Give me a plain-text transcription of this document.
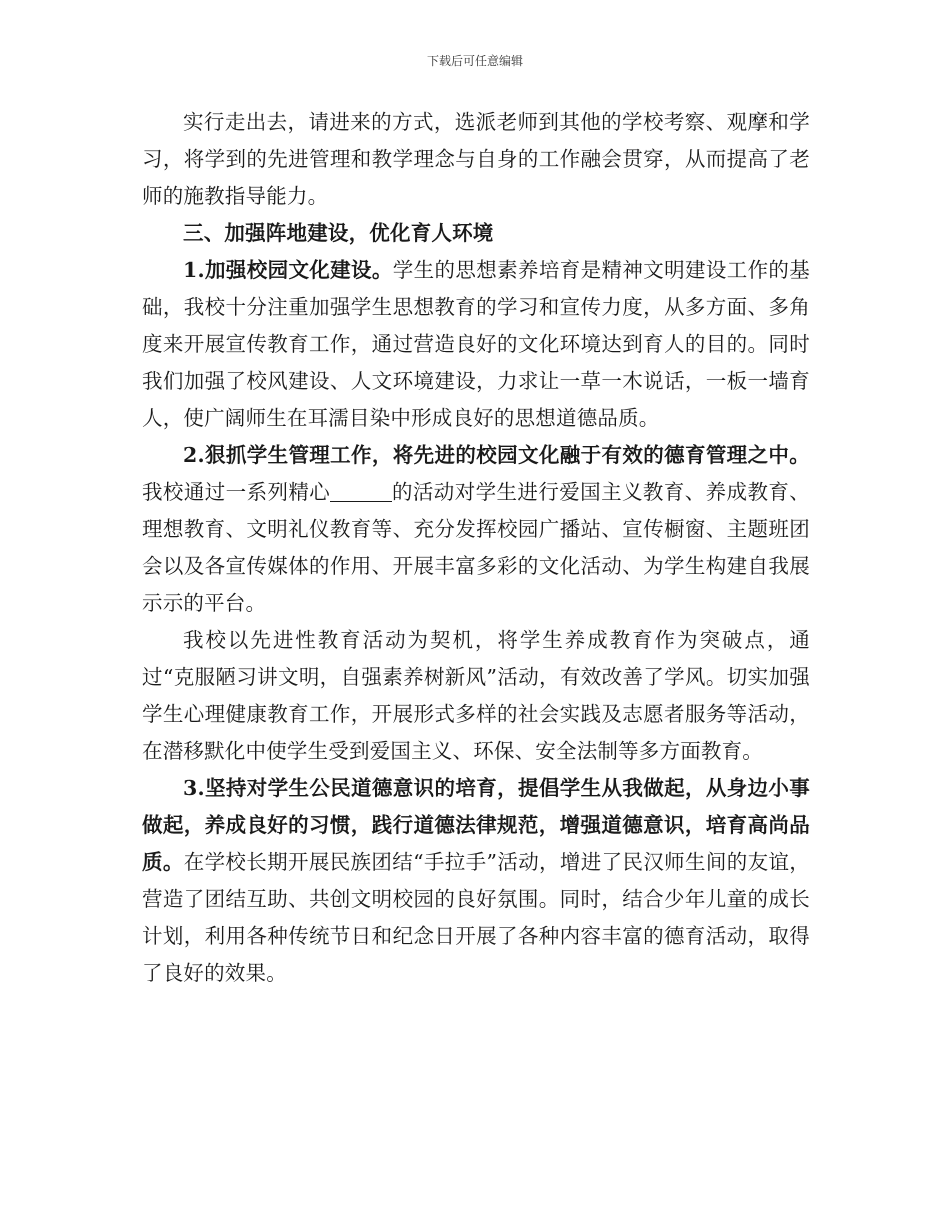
下载后可任意编辑

实行走出去，请进来的方式，选派老师到其他的学校考察、观摩和学习，将学到的先进管理和教学理念与自身的工作融会贯穿，从而提高了老师的施教指导能力。

三、加强阵地建设，优化育人环境

1.加强校园文化建设。学生的思想素养培育是精神文明建设工作的基础，我校十分注重加强学生思想教育的学习和宣传力度，从多方面、多角度来开展宣传教育工作，通过营造良好的文化环境达到育人的目的。同时我们加强了校风建设、人文环境建设，力求让一草一木说话，一板一墙育人，使广阔师生在耳濡目染中形成良好的思想道德品质。

2.狠抓学生管理工作，将先进的校园文化融于有效的德育管理之中。我校通过一系列精心	的活动对学生进行爱国主义教育、养成教育、理想教育、文明礼仪教育等、充分发挥校园广播站、宣传橱窗、主题班团会以及各宣传媒体的作用、开展丰富多彩的文化活动、为学生构建自我展示示的平台。

我校以先进性教育活动为契机，将学生养成教育作为突破点，通过“克服陋习讲文明，自强素养树新风”活动，有效改善了学风。切实加强学生心理健康教育工作，开展形式多样的社会实践及志愿者服务等活动，在潜移默化中使学生受到爱国主义、环保、安全法制等多方面教育。

3.坚持对学生公民道德意识的培育，提倡学生从我做起，从身边小事做起，养成良好的习惯，践行道德法律规范，增强道德意识，培育高尚品质。在学校长期开展民族团结“手拉手”活动，增进了民汉师生间的友谊，营造了团结互助、共创文明校园的良好氛围。同时，结合少年儿童的成长计划，利用各种传统节日和纪念日开展了各种内容丰富的德育活动，取得了良好的效果。
